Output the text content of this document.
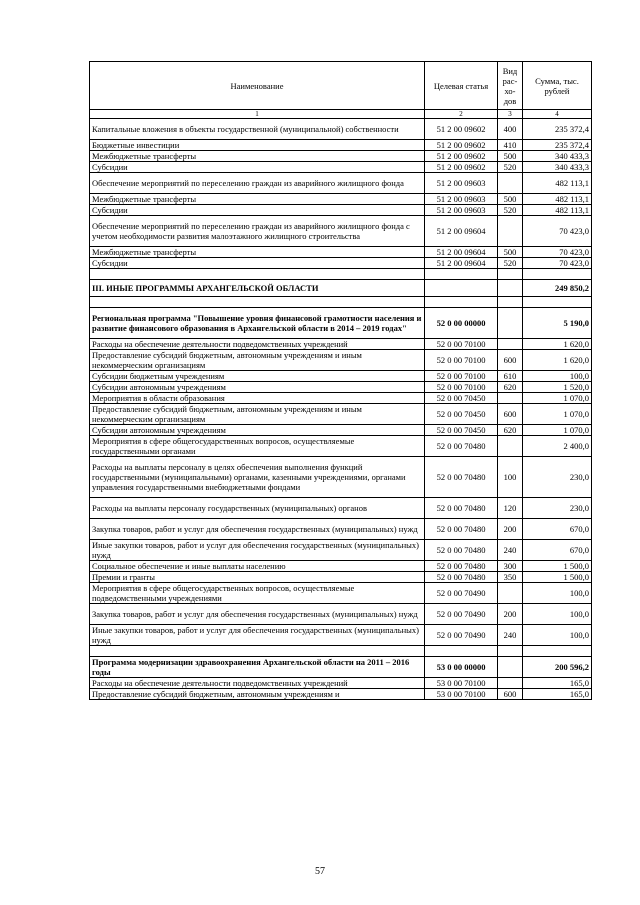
Наименование	Целевая статья	Вид рас-хо-дов	Сумма, тыс. рублей
1	2	3	4
Капитальные вложения в объекты государственной (муниципальной) собственности	51 2 00 09602	400	235 372,4
Бюджетные инвестиции	51 2 00 09602	410	235 372,4
Межбюджетные трансферты	51 2 00 09602	500	340 433,3
Субсидии	51 2 00 09602	520	340 433,3
Обеспечение мероприятий по переселению граждан из аварийного жилищного фонда	51 2 00 09603		482 113,1
Межбюджетные трансферты	51 2 00 09603	500	482 113,1
Субсидии	51 2 00 09603	520	482 113,1
Обеспечение мероприятий по переселению граждан из аварийного жилищного фонда с учетом необходимости развития малоэтажного жилищного строительства	51 2 00 09604		70 423,0
Межбюджетные трансферты	51 2 00 09604	500	70 423,0
Субсидии	51 2 00 09604	520	70 423,0

III. ИНЫЕ ПРОГРАММЫ АРХАНГЕЛЬСКОЙ ОБЛАСТИ			249 850,2

Региональная программа "Повышение уровня финансовой грамотности населения и развитие финансового образования в Архангельской области в 2014 – 2019 годах"	52 0 00 00000		5 190,0
Расходы на обеспечение деятельности подведомственных учреждений	52 0 00 70100		1 620,0
Предоставление субсидий бюджетным, автономным учреждениям и иным некоммерческим организациям	52 0 00 70100	600	1 620,0
Субсидии бюджетным учреждениям	52 0 00 70100	610	100,0
Субсидии автономным учреждениям	52 0 00 70100	620	1 520,0
Мероприятия в области образования	52 0 00 70450		1 070,0
Предоставление субсидий бюджетным, автономным учреждениям и иным некоммерческим организациям	52 0 00 70450	600	1 070,0
Субсидии автономным учреждениям	52 0 00 70450	620	1 070,0
Мероприятия в сфере общегосударственных вопросов, осуществляемые государственными органами	52 0 00 70480		2 400,0
Расходы на выплаты персоналу в целях обеспечения выполнения функций государственными (муниципальными) органами, казенными учреждениями, органами управления государственными внебюджетными фондами	52 0 00 70480	100	230,0
Расходы на выплаты персоналу государственных (муниципальных) органов	52 0 00 70480	120	230,0
Закупка товаров, работ и услуг для обеспечения государственных (муниципальных) нужд	52 0 00 70480	200	670,0
Иные закупки товаров, работ и услуг для обеспечения государственных (муниципальных) нужд	52 0 00 70480	240	670,0
Социальное обеспечение и иные выплаты населению	52 0 00 70480	300	1 500,0
Премии и гранты	52 0 00 70480	350	1 500,0
Мероприятия в сфере общегосударственных вопросов, осуществляемые подведомственными учреждениями	52 0 00 70490		100,0
Закупка товаров, работ и услуг для обеспечения государственных (муниципальных) нужд	52 0 00 70490	200	100,0
Иные закупки товаров, работ и услуг для обеспечения государственных (муниципальных) нужд	52 0 00 70490	240	100,0

Программа модернизации здравоохранения Архангельской области на 2011 – 2016 годы	53 0 00 00000		200 596,2
Расходы на обеспечение деятельности подведомственных учреждений	53 0 00 70100		165,0
Предоставление субсидий бюджетным, автономным учреждениям и	53 0 00 70100	600	165,0
57
